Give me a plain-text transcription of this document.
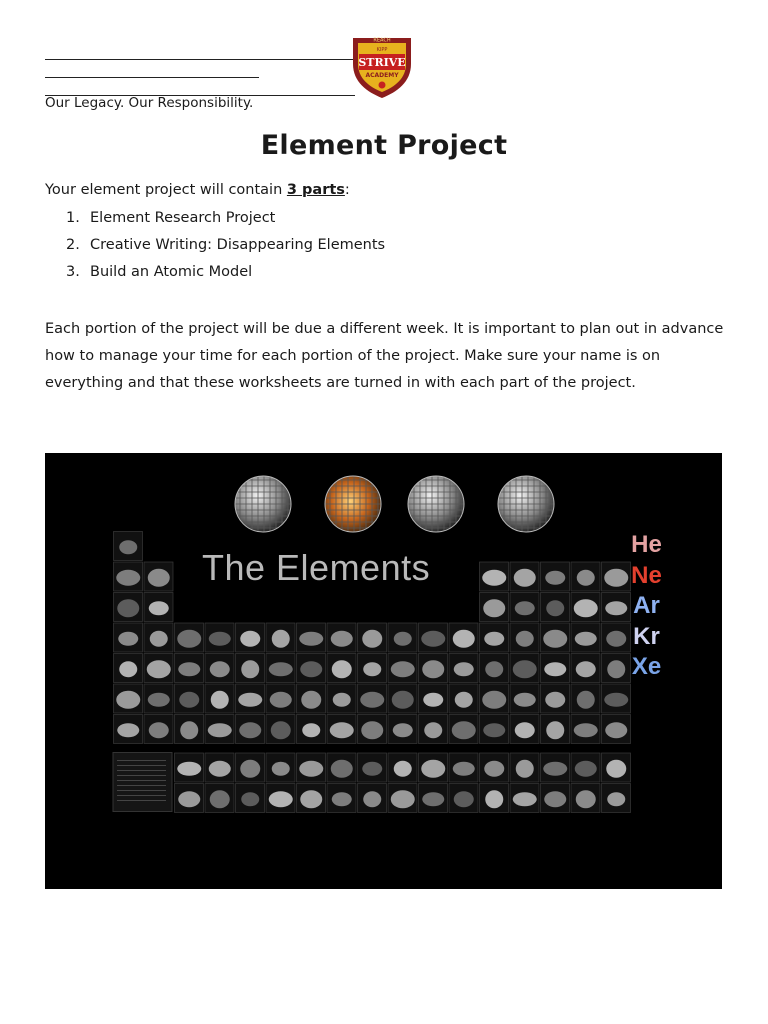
Our Legacy. Our Responsibility.
REACH
KIPP
STRIVE
ACADEMY
Element Project
Your element project will contain 3 parts:
1. Element Research Project
2. Creative Writing: Disappearing Elements
3. Build an Atomic Model
Each portion of the project will be due a different week. It is important to plan out in advance how to manage your time for each portion of the project. Make sure your name is on everything and that these worksheets are turned in with each part of the project.
The Elements
He
Ne
Ar
Kr
Xe
